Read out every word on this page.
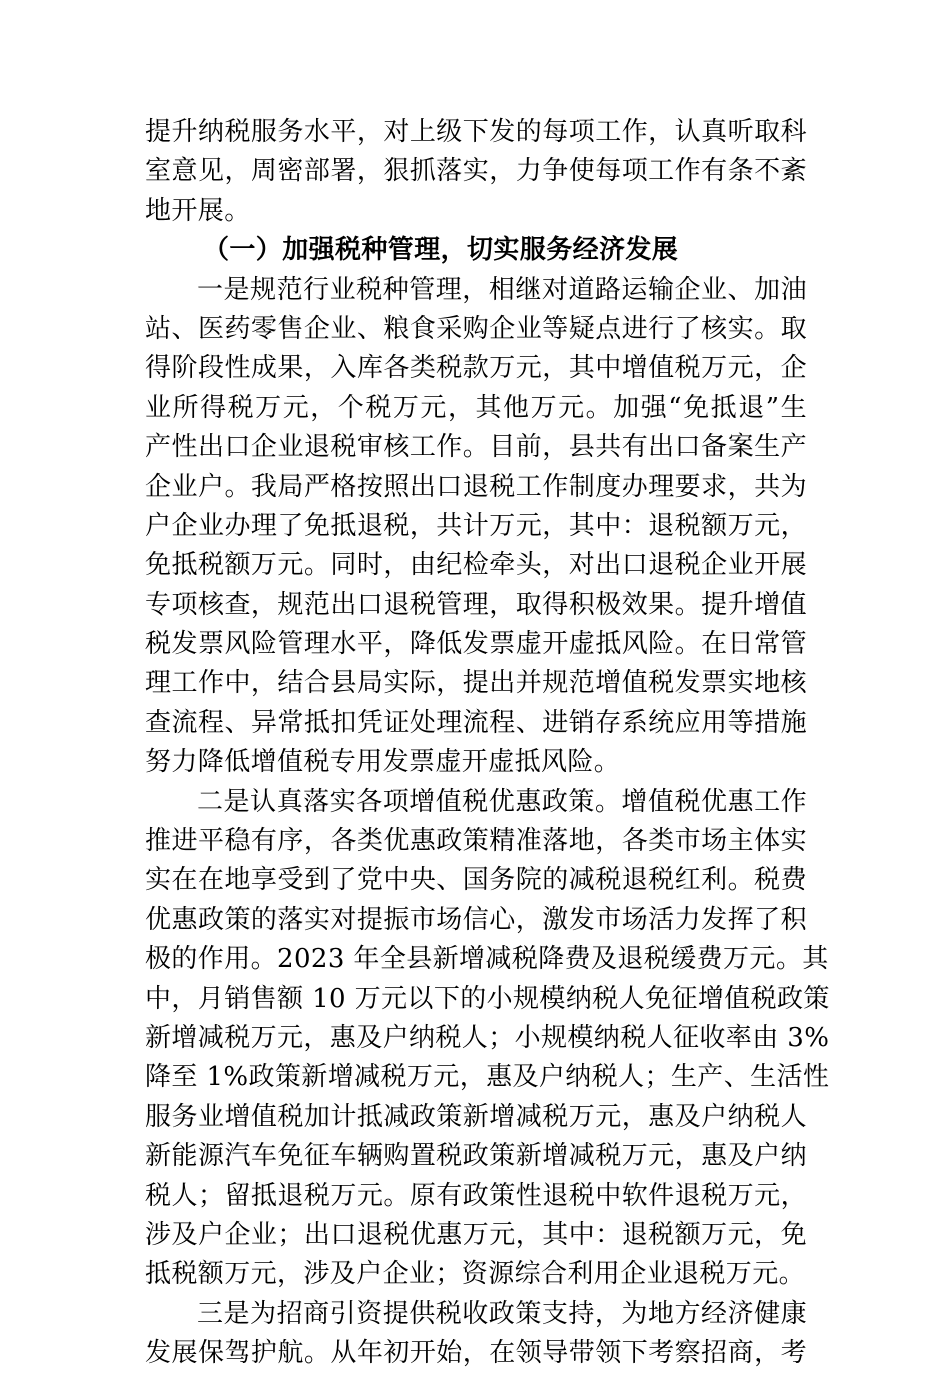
提升纳税服务水平，对上级下发的每项工作，认真听取科
室意见，周密部署，狠抓落实，力争使每项工作有条不紊
地开展。
（一）加强税种管理，切实服务经济发展
一是规范行业税种管理，相继对道路运输企业、加油
站、医药零售企业、粮食采购企业等疑点进行了核实。取
得阶段性成果，入库各类税款万元，其中增值税万元，企
业所得税万元，个税万元，其他万元。加强“免抵退”生
产性出口企业退税审核工作。目前，县共有出口备案生产
企业户。我局严格按照出口退税工作制度办理要求，共为
户企业办理了免抵退税，共计万元，其中：退税额万元，
免抵税额万元。同时，由纪检牵头，对出口退税企业开展
专项核查，规范出口退税管理，取得积极效果。提升增值
税发票风险管理水平，降低发票虚开虚抵风险。在日常管
理工作中，结合县局实际，提出并规范增值税发票实地核
查流程、异常抵扣凭证处理流程、进销存系统应用等措施
努力降低增值税专用发票虚开虚抵风险。
二是认真落实各项增值税优惠政策。增值税优惠工作
推进平稳有序，各类优惠政策精准落地，各类市场主体实
实在在地享受到了党中央、国务院的减税退税红利。税费
优惠政策的落实对提振市场信心，激发市场活力发挥了积
极的作用。2023 年全县新增减税降费及退税缓费万元。其
中，月销售额 10 万元以下的小规模纳税人免征增值税政策
新增减税万元，惠及户纳税人；小规模纳税人征收率由 3%
降至 1%政策新增减税万元，惠及户纳税人；生产、生活性
服务业增值税加计抵减政策新增减税万元，惠及户纳税人
新能源汽车免征车辆购置税政策新增减税万元，惠及户纳
税人；留抵退税万元。原有政策性退税中软件退税万元，
涉及户企业；出口退税优惠万元，其中：退税额万元，免
抵税额万元，涉及户企业；资源综合利用企业退税万元。
三是为招商引资提供税收政策支持，为地方经济健康
发展保驾护航。从年初开始，在领导带领下考察招商，考
